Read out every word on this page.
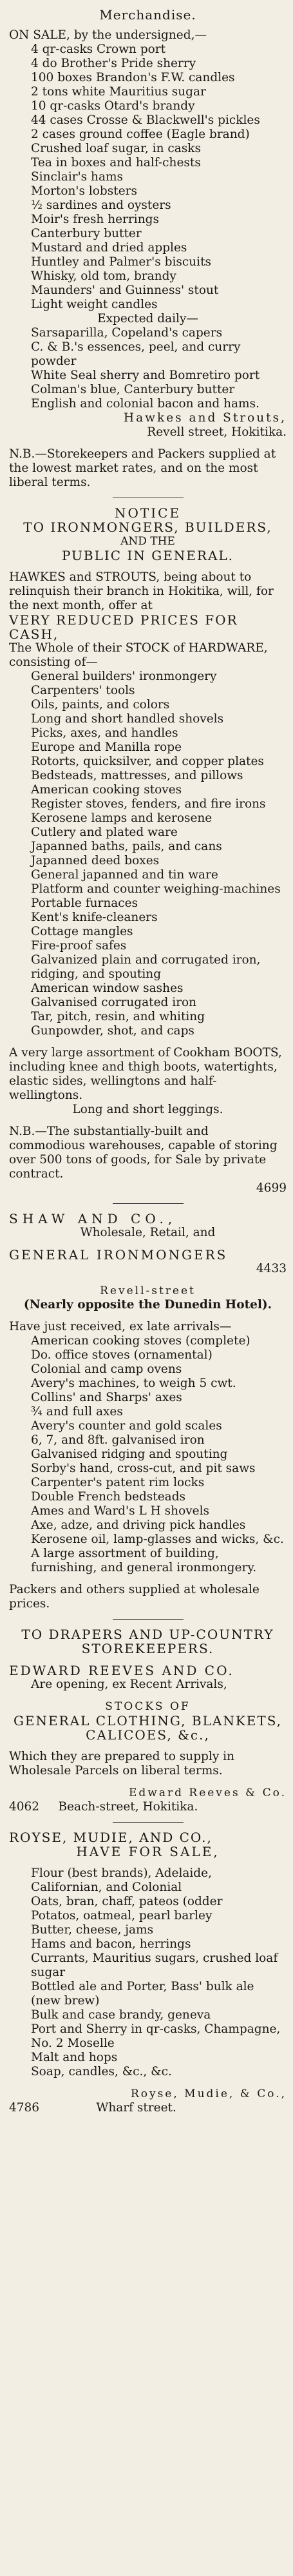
Merchandise.
ON SALE, by the undersigned,—
4 qr-casks Crown port
4 do Brother's Pride sherry
100 boxes Brandon's F.W. candles
2 tons white Mauritius sugar
10 qr-casks Otard's brandy
44 cases Crosse & Blackwell's pickles
2 cases ground coffee (Eagle brand)
Crushed loaf sugar, in casks
Tea in boxes and half-chests
Sinclair's hams
Morton's lobsters
½ sardines and oysters
Moir's fresh herrings
Canterbury butter
Mustard and dried apples
Huntley and Palmer's biscuits
Whisky, old tom, brandy
Maunders' and Guinness' stout
Light weight candles
Expected daily—
Sarsaparilla, Copeland's capers
C. & B.'s essences, peel, and curry powder
White Seal sherry and Bomretiro port
Colman's blue, Canterbury butter
English and colonial bacon and hams.
Hawkes and Strouts,
Revell street, Hokitika.
N.B.—Storekeepers and Packers supplied at the lowest market rates, and on the most liberal terms.
NOTICE
TO IRONMONGERS, BUILDERS,
AND THE
PUBLIC IN GENERAL.
HAWKES and STROUTS, being about to relinquish their branch in Hokitika, will, for the next month, offer at
VERY REDUCED PRICES FOR CASH,
The Whole of their STOCK of HARDWARE, consisting of—
General builders' ironmongery
Carpenters' tools
Oils, paints, and colors
Long and short handled shovels
Picks, axes, and handles
Europe and Manilla rope
Rotorts, quicksilver, and copper plates
Bedsteads, mattresses, and pillows
American cooking stoves
Register stoves, fenders, and fire irons
Kerosene lamps and kerosene
Cutlery and plated ware
Japanned baths, pails, and cans
Japanned deed boxes
General japanned and tin ware
Platform and counter weighing-machines
Portable furnaces
Kent's knife-cleaners
Cottage mangles
Fire-proof safes
Galvanized plain and corrugated iron, ridging, and spouting
American window sashes
Galvanised corrugated iron
Tar, pitch, resin, and whiting
Gunpowder, shot, and caps
A very large assortment of Cookham BOOTS, including knee and thigh boots, watertights, elastic sides, wellingtons and half-wellingtons.
Long and short leggings.
N.B.—The substantially-built and commodious warehouses, capable of storing over 500 tons of goods, for Sale by private contract.
4699
SHAW AND CO.,
Wholesale, Retail, and
GENERAL IRONMONGERS
4433
Revell-street
(Nearly opposite the Dunedin Hotel).
Have just received, ex late arrivals—
American cooking stoves (complete)
Do. office stoves (ornamental)
Colonial and camp ovens
Avery's machines, to weigh 5 cwt.
Collins' and Sharps' axes
¾ and full axes
Avery's counter and gold scales
6, 7, and 8ft. galvanised iron
Galvanised ridging and spouting
Sorby's hand, cross-cut, and pit saws
Carpenter's patent rim locks
Double French bedsteads
Ames and Ward's L H shovels
Axe, adze, and driving pick handles
Kerosene oil, lamp-glasses and wicks, &c.
A large assortment of building, furnishing, and general ironmongery.
Packers and others supplied at wholesale prices.
TO DRAPERS AND UP-COUNTRY
STOREKEEPERS.
EDWARD REEVES AND CO.
Are opening, ex Recent Arrivals,
STOCKS OF
GENERAL CLOTHING, BLANKETS,
CALICOES, &c.,
Which they are prepared to supply in Wholesale Parcels on liberal terms.
Edward Reeves & Co.
4062 Beach-street, Hokitika.
ROYSE, MUDIE, AND CO.,
HAVE FOR SALE,
Flour (best brands), Adelaide, Californian, and Colonial
Oats, bran, chaff, pateos (odder
Potatos, oatmeal, pearl barley
Butter, cheese, jams
Hams and bacon, herrings
Currants, Mauritius sugars, crushed loaf sugar
Bottled ale and Porter, Bass' bulk ale (new brew)
Bulk and case brandy, geneva
Port and Sherry in qr-casks, Champagne, No. 2 Moselle
Malt and hops
Soap, candles, &c., &c.
Royse, Mudie, & Co.,
4786	Wharf street.
